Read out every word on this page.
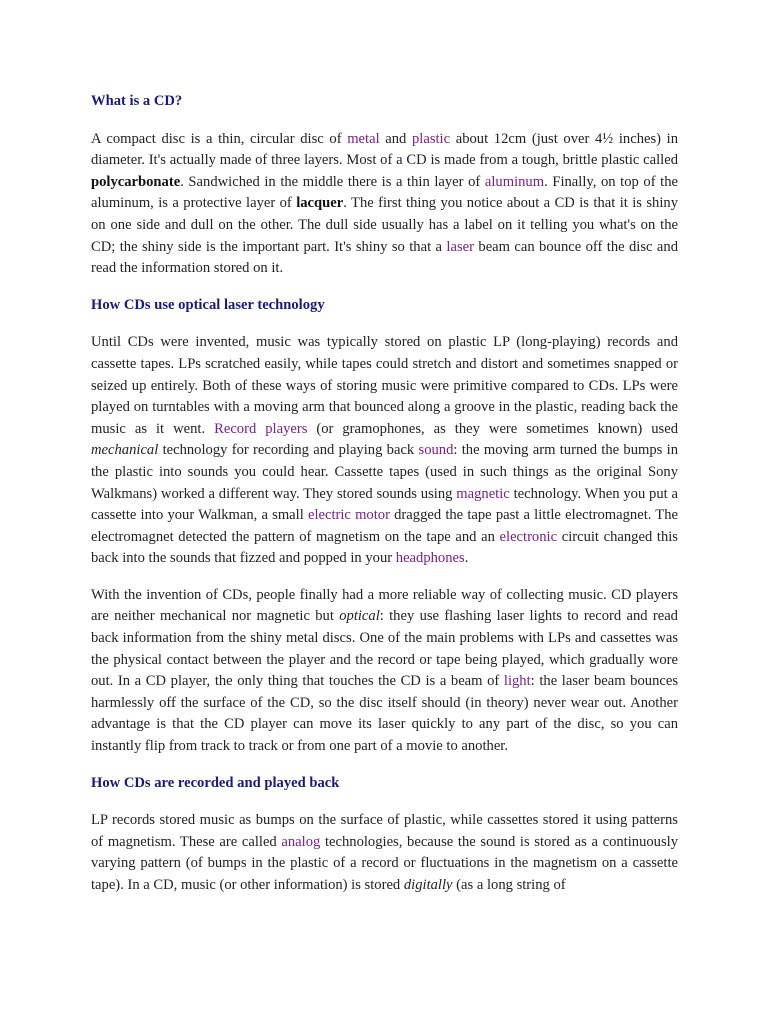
What is a CD?

A compact disc is a thin, circular disc of metal and plastic about 12cm (just over 4½ inches) in diameter. It's actually made of three layers. Most of a CD is made from a tough, brittle plastic called polycarbonate. Sandwiched in the middle there is a thin layer of aluminum. Finally, on top of the aluminum, is a protective layer of lacquer. The first thing you notice about a CD is that it is shiny on one side and dull on the other. The dull side usually has a label on it telling you what's on the CD; the shiny side is the important part. It's shiny so that a laser beam can bounce off the disc and read the information stored on it.

How CDs use optical laser technology

Until CDs were invented, music was typically stored on plastic LP (long-playing) records and cassette tapes. LPs scratched easily, while tapes could stretch and distort and sometimes snapped or seized up entirely. Both of these ways of storing music were primitive compared to CDs. LPs were played on turntables with a moving arm that bounced along a groove in the plastic, reading back the music as it went. Record players (or gramophones, as they were sometimes known) used mechanical technology for recording and playing back sound: the moving arm turned the bumps in the plastic into sounds you could hear. Cassette tapes (used in such things as the original Sony Walkmans) worked a different way. They stored sounds using magnetic technology. When you put a cassette into your Walkman, a small electric motor dragged the tape past a little electromagnet. The electromagnet detected the pattern of magnetism on the tape and an electronic circuit changed this back into the sounds that fizzed and popped in your headphones.

With the invention of CDs, people finally had a more reliable way of collecting music. CD players are neither mechanical nor magnetic but optical: they use flashing laser lights to record and read back information from the shiny metal discs. One of the main problems with LPs and cassettes was the physical contact between the player and the record or tape being played, which gradually wore out. In a CD player, the only thing that touches the CD is a beam of light: the laser beam bounces harmlessly off the surface of the CD, so the disc itself should (in theory) never wear out. Another advantage is that the CD player can move its laser quickly to any part of the disc, so you can instantly flip from track to track or from one part of a movie to another.

How CDs are recorded and played back

LP records stored music as bumps on the surface of plastic, while cassettes stored it using patterns of magnetism. These are called analog technologies, because the sound is stored as a continuously varying pattern (of bumps in the plastic of a record or fluctuations in the magnetism on a cassette tape). In a CD, music (or other information) is stored digitally (as a long string of
